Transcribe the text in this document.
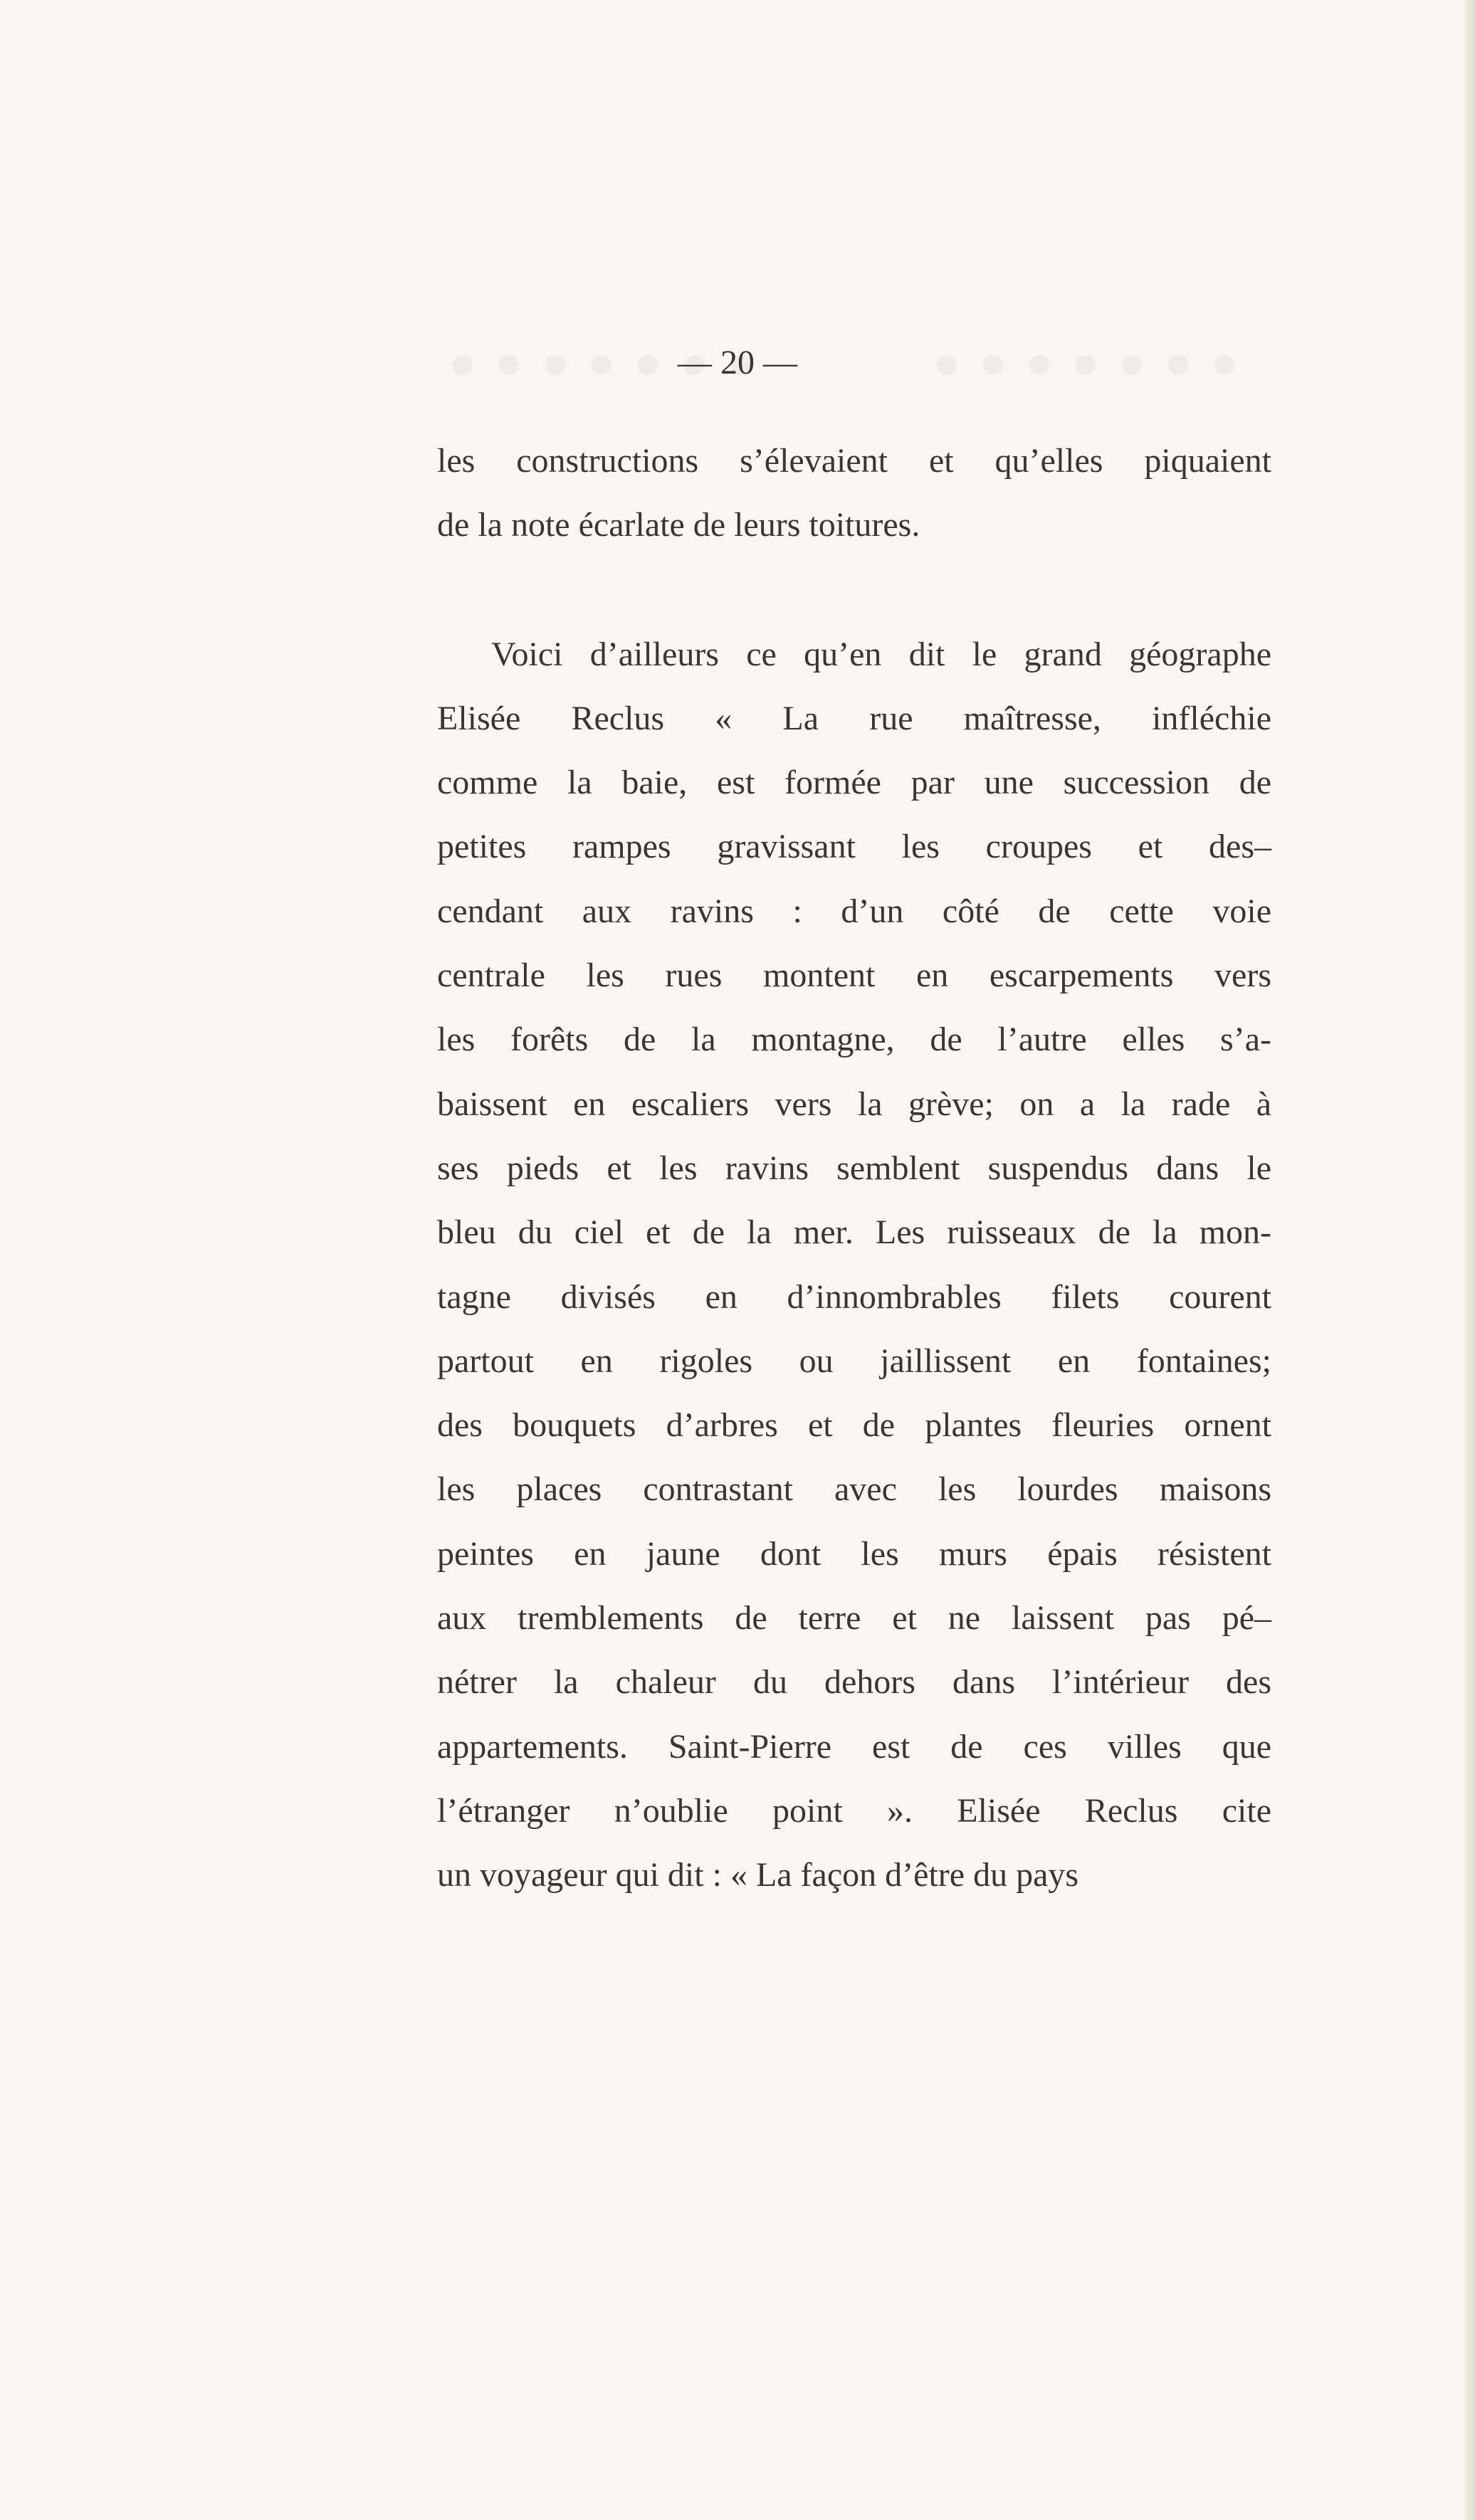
— 20 —

les constructions s’élevaient et qu’elles piquaient
de la note écarlate de leurs toitures.

Voici d’ailleurs ce qu’en dit le grand géographe
Elisée Reclus « La rue maîtresse, infléchie
comme la baie, est formée par une succession de
petites rampes gravissant les croupes et des–
cendant aux ravins : d’un côté de cette voie
centrale les rues montent en escarpements vers
les forêts de la montagne, de l’autre elles s’a-
baissent en escaliers vers la grève; on a la rade à
ses pieds et les ravins semblent suspendus dans le
bleu du ciel et de la mer. Les ruisseaux de la mon-
tagne divisés en d’innombrables filets courent
partout en rigoles ou jaillissent en fontaines;
des bouquets d’arbres et de plantes fleuries ornent
les places contrastant avec les lourdes maisons
peintes en jaune dont les murs épais résistent
aux tremblements de terre et ne laissent pas pé–
nétrer la chaleur du dehors dans l’intérieur des
appartements. Saint-Pierre est de ces villes que
l’étranger n’oublie point ». Elisée Reclus cite
un voyageur qui dit : « La façon d’être du pays
